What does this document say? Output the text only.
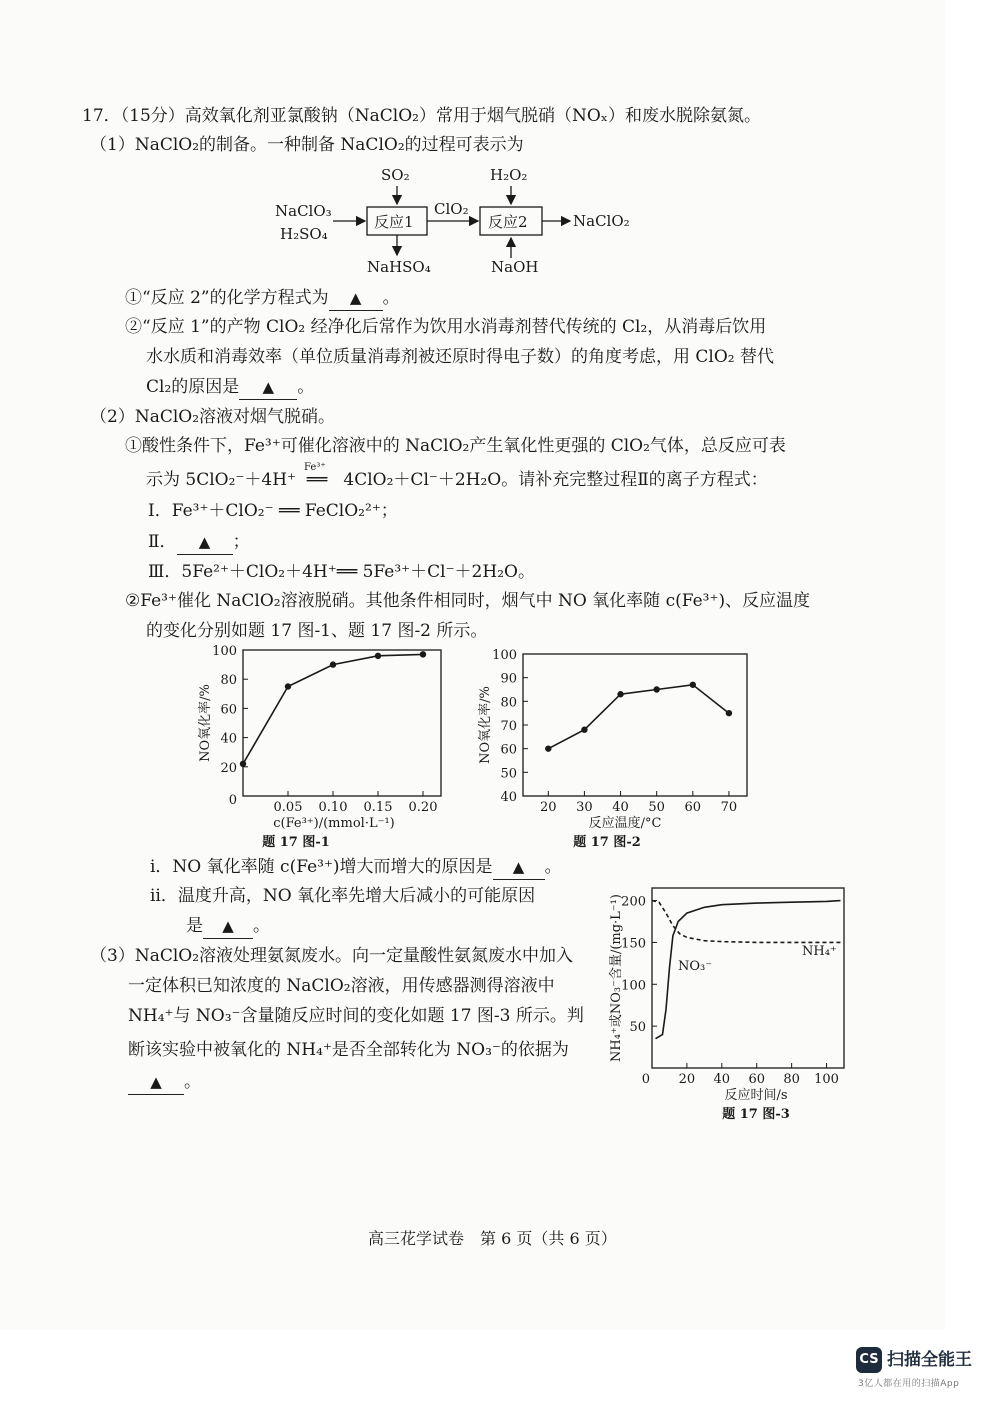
17．（15分）高效氧化剂亚氯酸钠（NaClO₂）常用于烟气脱硝（NOₓ）和废水脱除氨氮。
（1）NaClO₂的制备。一种制备 NaClO₂的过程可表示为
NaClO₃
H₂SO₄
反应1
SO₂
NaHSO₄
ClO₂
反应2
H₂O₂
NaOH
NaClO₂
①“反应 2”的化学方程式为 ▲ 。
②“反应 1”的产物 ClO₂ 经净化后常作为饮用水消毒剂替代传统的 Cl₂，从消毒后饮用
水水质和消毒效率（单位质量消毒剂被还原时得电子数）的角度考虑，用 ClO₂ 替代
Cl₂的原因是 ▲ 。
（2）NaClO₂溶液对烟气脱硝。
①酸性条件下，Fe³⁺可催化溶液中的 NaClO₂产生氧化性更强的 ClO₂气体，总反应可表
示为 5ClO₂⁻＋4H⁺
Fe³⁺
══ 4ClO₂＋Cl⁻＋2H₂O。请补充完整过程Ⅱ的离子方程式：
Ⅰ．Fe³⁺＋ClO₂⁻ ══ FeClO₂²⁺；
Ⅱ． ▲ ；
Ⅲ．5Fe²⁺＋ClO₂＋4H⁺══ 5Fe³⁺＋Cl⁻＋2H₂O。
②Fe³⁺催化 NaClO₂溶液脱硝。其他条件相同时，烟气中 NO 氧化率随 c(Fe³⁺)、反应温度
的变化分别如题 17 图-1、题 17 图-2 所示。
0.05 0.10 0.15 0.20
0
20
40
60
80
100
c(Fe³⁺)/(mmol·L⁻¹)
NO氧化率/%
题 17 图-1
20 30 40 50 60 70
40
50
60
70
80
90
100
反应温度/°C
NO氧化率/%
题 17 图-2
ⅰ．NO 氧化率随 c(Fe³⁺)增大而增大的原因是 ▲ 。
ⅱ．温度升高，NO 氧化率先增大后减小的可能原因
是 ▲ 。
（3）NaClO₂溶液处理氨氮废水。向一定量酸性氨氮废水中加入
一定体积已知浓度的 NaClO₂溶液，用传感器测得溶液中
NH₄⁺与 NO₃⁻含量随反应时间的变化如题 17 图-3 所示。判
断该实验中被氧化的 NH₄⁺是否全部转化为 NO₃⁻的依据为
▲ 。	20 40 60 80 100
50
100
150
200
0
反应时间/s
NH₄⁺或NO₃⁻含量/(mg·L⁻¹)
题 17 图-3
NO₃⁻
NH₄⁺
高三花学试卷　第 6 页（共 6 页）
CS 扫描全能王
3亿人都在用的扫描App
